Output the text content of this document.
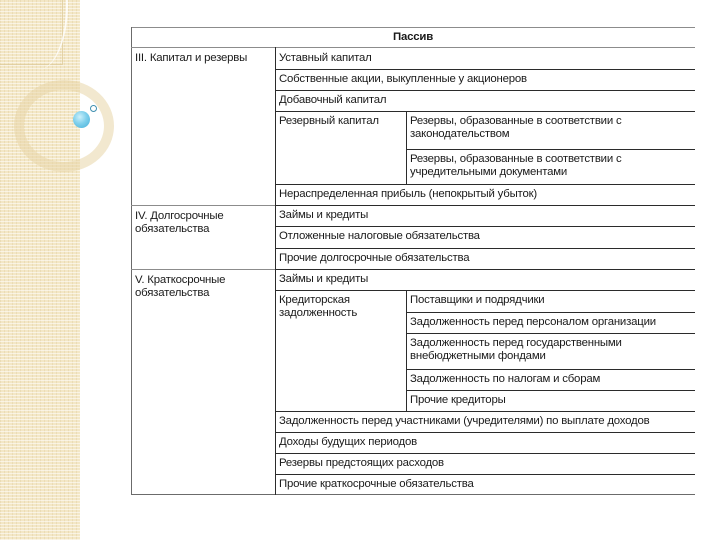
Пассив
III. Капитал и резервы
IV. Долгосрочные
обязательства
V. Краткосрочные
обязательства
Уставный капитал
Собственные акции, выкупленные у акционеров
Добавочный капитал
Резервный капитал	Резервы, образованные в соответствии с
законодательством
Резервы, образованные в соответствии с
учредительными документами
Нераспределенная прибыль (непокрытый убыток)
Займы и кредиты
Отложенные налоговые обязательства
Прочие долгосрочные обязательства
Займы и кредиты
Кредиторская
задолженность
Поставщики и подрядчики
Задолженность перед персоналом организации
Задолженность перед государственными
внебюджетными фондами
Задолженность по налогам и сборам
Прочие кредиторы
Задолженность перед участниками (учредителями) по выплате доходов
Доходы будущих периодов
Резервы предстоящих расходов
Прочие краткосрочные обязательства
